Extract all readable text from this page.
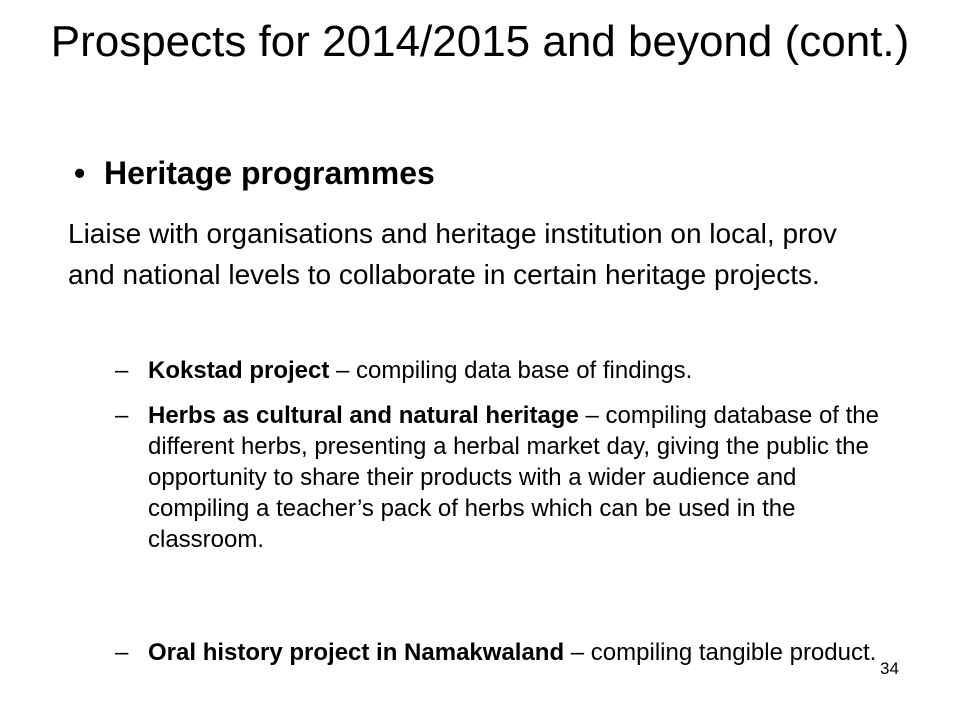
Prospects for 2014/2015 and beyond (cont.)
• Heritage programmes

Liaise with organisations and heritage institution on local, prov and national levels to collaborate in certain heritage projects.

– Kokstad project – compiling data base of findings.
– Herbs as cultural and natural heritage – compiling database of the different herbs, presenting a herbal market day, giving the public the opportunity to share their products with a wider audience and compiling a teacher’s pack of herbs which can be used in the classroom.
– Oral history project in Namakwaland – compiling tangible product.
34
